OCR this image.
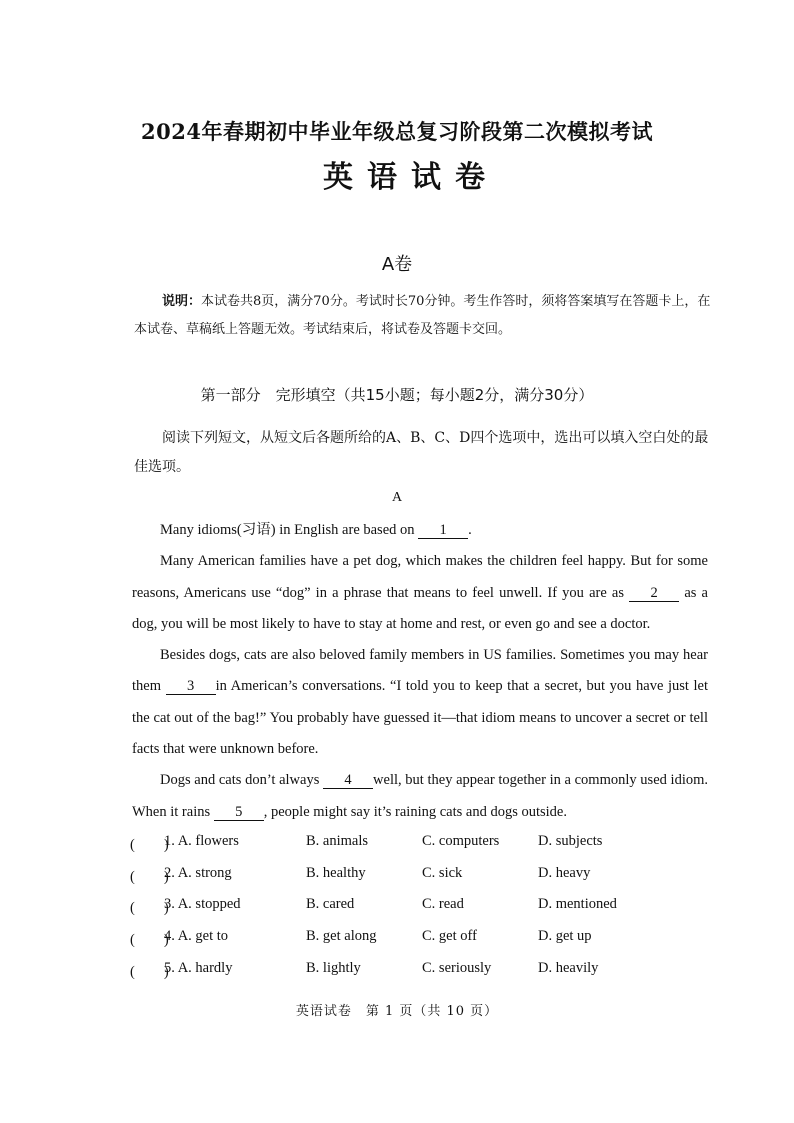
2024年春期初中毕业年级总复习阶段第二次模拟考试
英语试卷
A卷
说明：本试卷共8页，满分70分。考试时长70分钟。考生作答时，须将答案填写在答题卡上，在本试卷、草稿纸上答题无效。考试结束后，将试卷及答题卡交回。
第一部分　完形填空（共15小题；每小题2分，满分30分）
阅读下列短文，从短文后各题所给的A、B、C、D四个选项中，选出可以填入空白处的最佳选项。
A

Many idioms(习语) in English are based on 1 .

Many American families have a pet dog, which makes the children feel happy. But for some reasons, Americans use “dog” in a phrase that means to feel unwell. If you are as 2 as a dog, you will be most likely to have to stay at home and rest, or even go and see a doctor.

Besides dogs, cats are also beloved family members in US families. Sometimes you may hear them 3 in American’s conversations. “I told you to keep that a secret, but you have just let the cat out of the bag!” You probably have guessed it—that idiom means to uncover a secret or tell facts that were unknown before.

Dogs and cats don’t always 4 well, but they appear together in a commonly used idiom. When it rains 5 , people might say it’s raining cats and dogs outside.

(　　)
1. A. flowers	B. animals	C. computers	D. subjects
(　　)
2. A. strong	B. healthy	C. sick	D. heavy
(　　)
3. A. stopped	B. cared	C. read	D. mentioned
(　　)
4. A. get to	B. get along	C. get off	D. get up
(　　)
5. A. hardly	B. lightly	C. seriously	D. heavily
英语试卷　第 1 页（共 10 页）
